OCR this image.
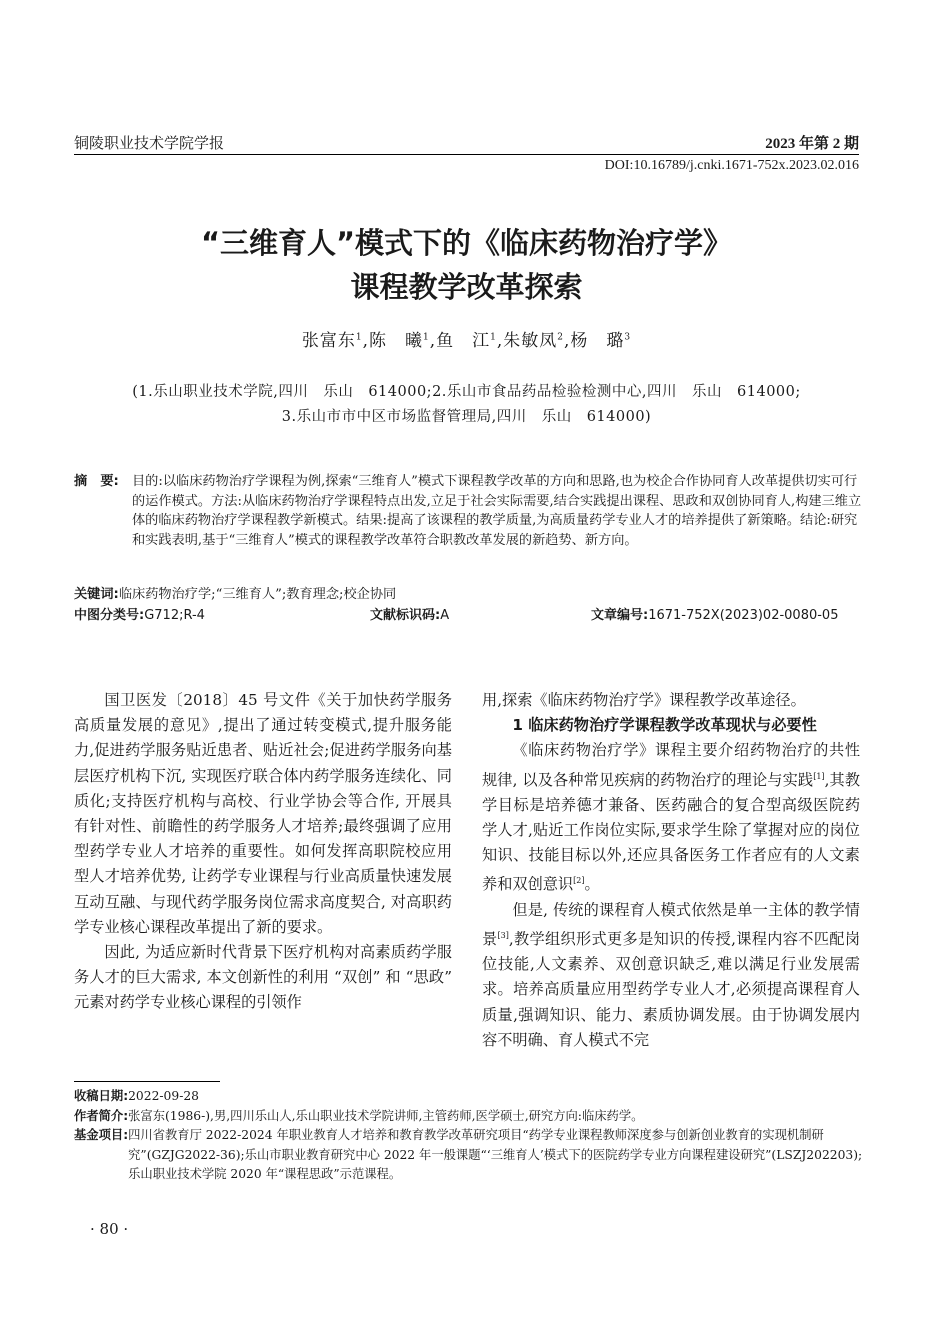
铜陵职业技术学院学报	2023 年第 2 期
DOI:10.16789/j.cnki.1671-752x.2023.02.016
“三维育人”模式下的《临床药物治疗学》
课程教学改革探索
张富东$^1$,陈　曦$^1$,鱼　江$^1$,朱敏凤$^2$,杨　璐$^3$
(1.乐山职业技术学院,四川　乐山　614000;2.乐山市食品药品检验检测中心,四川　乐山　614000;
3.乐山市市中区市场监督管理局,四川　乐山　614000)
摘　要: 目的:以临床药物治疗学课程为例,探索“三维育人”模式下课程教学改革的方向和思路,也为校企合作协同育人改革提供切实可行的运作模式。方法:从临床药物治疗学课程特点出发,立足于社会实际需要,结合实践提出课程、思政和双创协同育人,构建三维立体的临床药物治疗学课程教学新模式。结果:提高了该课程的教学质量,为高质量药学专业人才的培养提供了新策略。结论:研究和实践表明,基于“三维育人”模式的课程教学改革符合职教改革发展的新趋势、新方向。
关键词:临床药物治疗学;“三维育人”;教育理念;校企协同
中图分类号:G712;R-4	文献标识码:A	文章编号:1671-752X(2023)02-0080-05

国卫医发〔2018〕45 号文件《关于加快药学服务高质量发展的意见》,提出了通过转变模式,提升服务能力,促进药学服务贴近患者、贴近社会;促进药学服务向基层医疗机构下沉, 实现医疗联合体内药学服务连续化、同质化;支持医疗机构与高校、行业学协会等合作, 开展具有针对性、前瞻性的药学服务人才培养;最终强调了应用型药学专业人才培养的重要性。如何发挥高职院校应用型人才培养优势, 让药学专业课程与行业高质量快速发展互动互融、与现代药学服务岗位需求高度契合, 对高职药学专业核心课程改革提出了新的要求。

因此, 为适应新时代背景下医疗机构对高素质药学服务人才的巨大需求, 本文创新性的利用 “双创” 和 “思政” 元素对药学专业核心课程的引领作

用,探索《临床药物治疗学》课程教学改革途径。

1 临床药物治疗学课程教学改革现状与必要性

《临床药物治疗学》课程主要介绍药物治疗的共性规律, 以及各种常见疾病的药物治疗的理论与实践[1],其教学目标是培养德才兼备、医药融合的复合型高级医院药学人才,贴近工作岗位实际,要求学生除了掌握对应的岗位知识、技能目标以外,还应具备医务工作者应有的人文素养和双创意识[2]。

但是, 传统的课程育人模式依然是单一主体的教学情景[3],教学组织形式更多是知识的传授,课程内容不匹配岗位技能,人文素养、双创意识缺乏,难以满足行业发展需求。培养高质量应用型药学专业人才,必须提高课程育人质量,强调知识、能力、素质协调发展。由于协调发展内容不明确、育人模式不完

收稿日期: 2022-09-28
作者简介: 张富东(1986-),男,四川乐山人,乐山职业技术学院讲师,主管药师,医学硕士,研究方向:临床药学。
基金项目: 四川省教育厅 2022-2024 年职业教育人才培养和教育教学改革研究项目“药学专业课程教师深度参与创新创业教育的实现机制研究”(GZJG2022-36);乐山市职业教育研究中心 2022 年一般课题“‘三维育人’模式下的医院药学专业方向课程建设研究”(LSZJ202203);乐山职业技术学院 2020 年“课程思政”示范课程。
· 80 ·
